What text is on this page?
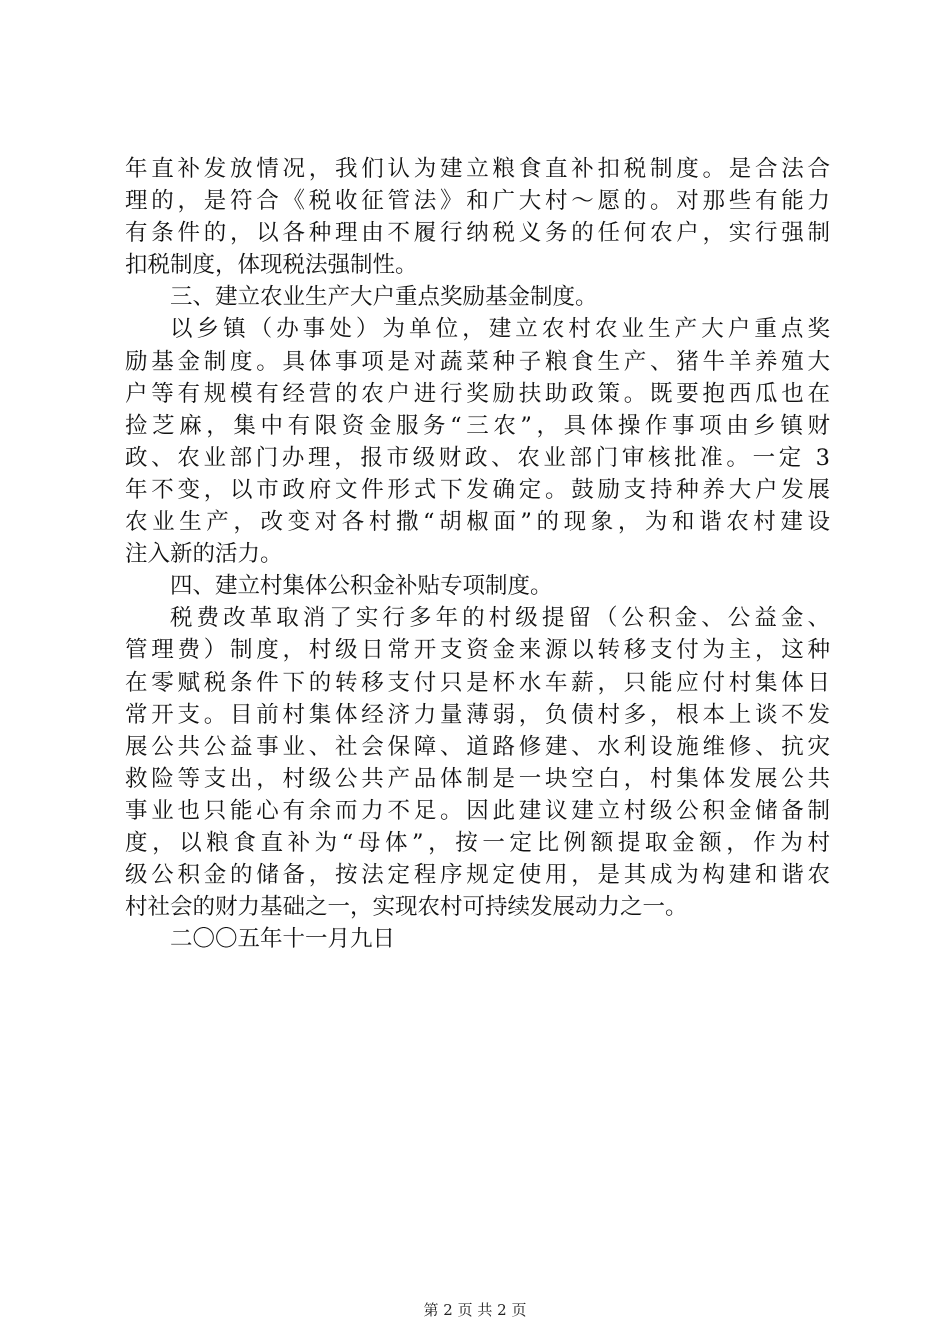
年直补发放情况，我们认为建立粮食直补扣税制度。是合法合
理的，是符合《税收征管法》和广大村～愿的。对那些有能力
有条件的，以各种理由不履行纳税义务的任何农户，实行强制
扣税制度，体现税法强制性。
三、建立农业生产大户重点奖励基金制度。
以乡镇（办事处）为单位，建立农村农业生产大户重点奖
励基金制度。具体事项是对蔬菜种子粮食生产、猪牛羊养殖大
户等有规模有经营的农户进行奖励扶助政策。既要抱西瓜也在
捡芝麻，集中有限资金服务“三农”，具体操作事项由乡镇财
政、农业部门办理，报市级财政、农业部门审核批准。一定 3
年不变，以市政府文件形式下发确定。鼓励支持种养大户发展
农业生产，改变对各村撒“胡椒面”的现象，为和谐农村建设
注入新的活力。
四、建立村集体公积金补贴专项制度。
税费改革取消了实行多年的村级提留（公积金、公益金、
管理费）制度，村级日常开支资金来源以转移支付为主，这种
在零赋税条件下的转移支付只是杯水车薪，只能应付村集体日
常开支。目前村集体经济力量薄弱，负债村多，根本上谈不发
展公共公益事业、社会保障、道路修建、水利设施维修、抗灾
救险等支出，村级公共产品体制是一块空白，村集体发展公共
事业也只能心有余而力不足。因此建议建立村级公积金储备制
度，以粮食直补为“母体”，按一定比例额提取金额，作为村
级公积金的储备，按法定程序规定使用，是其成为构建和谐农
村社会的财力基础之一，实现农村可持续发展动力之一。
二〇〇五年十一月九日
第 2 页 共 2 页
